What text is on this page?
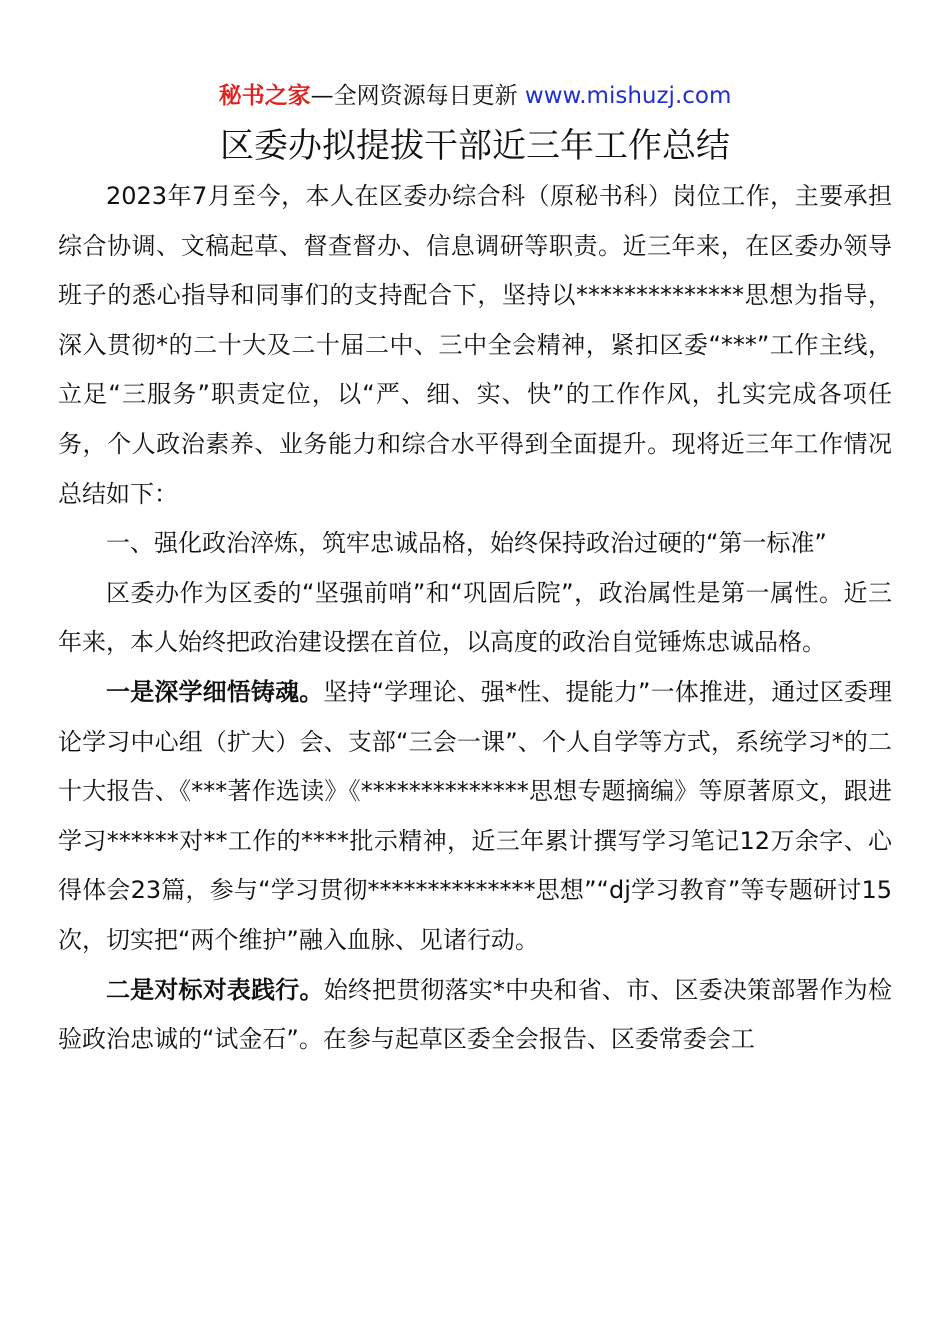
秘书之家—全网资源每日更新 www.mishuzj.com
区委办拟提拔干部近三年工作总结

2023年7月至今，本人在区委办综合科（原秘书科）岗位工作，主要承担综合协调、文稿起草、督查督办、信息调研等职责。近三年来，在区委办领导班子的悉心指导和同事们的支持配合下，坚持以**************思想为指导，深入贯彻*的二十大及二十届二中、三中全会精神，紧扣区委“***”工作主线，立足“三服务”职责定位，以“严、细、实、快”的工作作风，扎实完成各项任务，个人政治素养、业务能力和综合水平得到全面提升。现将近三年工作情况总结如下：

一、强化政治淬炼，筑牢忠诚品格，始终保持政治过硬的“第一标准”

区委办作为区委的“坚强前哨”和“巩固后院”，政治属性是第一属性。近三年来，本人始终把政治建设摆在首位，以高度的政治自觉锤炼忠诚品格。

一是深学细悟铸魂。坚持“学理论、强*性、提能力”一体推进，通过区委理论学习中心组（扩大）会、支部“三会一课”、个人自学等方式，系统学习*的二十大报告、《***著作选读》《**************思想专题摘编》等原著原文，跟进学习******对**工作的****批示精神，近三年累计撰写学习笔记12万余字、心得体会23篇，参与“学习贯彻**************思想”“dj学习教育”等专题研讨15次，切实把“两个维护”融入血脉、见诸行动。

二是对标对表践行。始终把贯彻落实*中央和省、市、区委决策部署作为检验政治忠诚的“试金石”。在参与起草区委全会报告、区委常委会工
